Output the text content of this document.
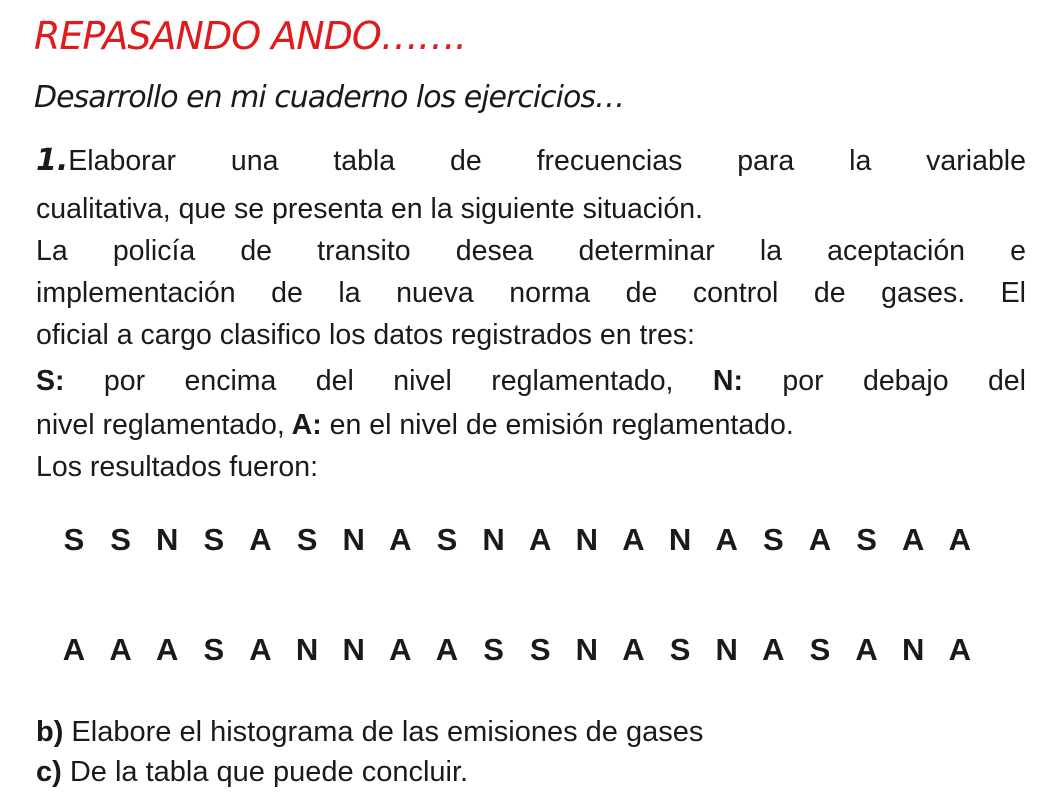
REPASANDO ANDO…….
Desarrollo en mi cuaderno los ejercicios…
1.Elaborar una tabla de frecuencias para la variable
cualitativa, que se presenta en la siguiente situación.
La policía de transito desea determinar la aceptación e
implementación de la nueva norma de control de gases. El
oficial a cargo clasifico los datos registrados en tres:
S: por encima del nivel reglamentado, N: por debajo del
nivel reglamentado, A: en el nivel de emisión reglamentado.
Los resultados fueron:
S S N S A S N A S N A N A N A S A S A A
A A A S A N N A A S S N A S N A S A N A
b) Elabore el histograma de las emisiones de gases
c) De la tabla que puede concluir.
